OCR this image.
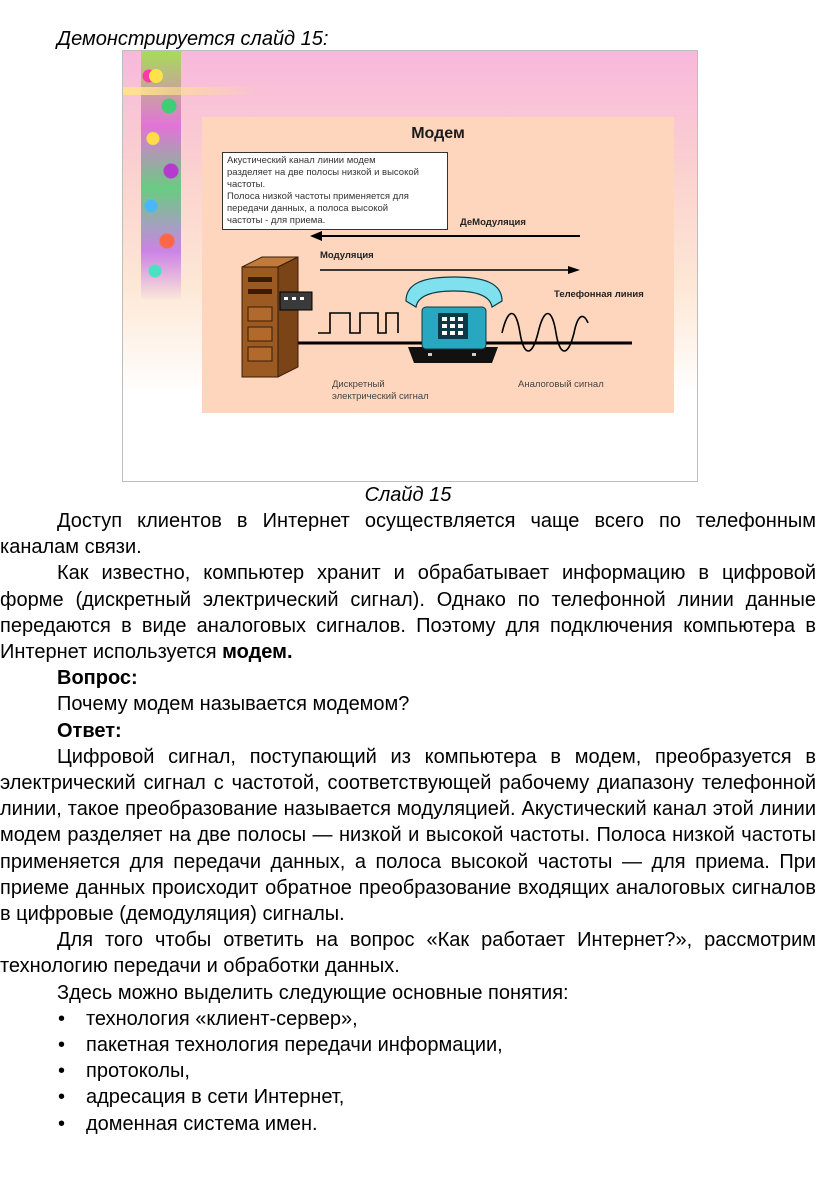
Демонстрируется слайд 15:
Модем
Акустический канал линии модем
разделяет на две полосы низкой и высокой
частоты.
Полоса низкой частоты применяется для
передачи данных, а полоса высокой
частоты - для приема.	ДеМодуляция
Модуляция
Телефонная линия
Дискретный
электрический сигнал
Аналоговый сигнал
Слайд 15

Доступ клиентов в Интернет осуществляется чаще всего по телефонным каналам связи.

Как известно, компьютер хранит и обрабатывает информацию в цифровой форме (дискретный электрический сигнал). Однако по телефонной линии данные передаются в виде аналоговых сигналов. Поэтому для подключения компьютера в Интернет используется модем.

Вопрос:

Почему модем называется модемом?

Ответ:

Цифровой сигнал, поступающий из компьютера в модем, преобразуется в электрический сигнал с частотой, соответствующей рабочему диапазону телефонной линии, такое преобразование называется модуляцией. Акустический канал этой линии модем разделяет на две полосы — низкой и высокой частоты. Полоса низкой частоты применяется для передачи данных, а полоса высокой частоты — для приема. При приеме данных происходит обратное преобразование входящих аналоговых сигналов в цифровые (демодуляция) сигналы.

Для того чтобы ответить на вопрос «Как работает Интернет?», рассмотрим технологию передачи и обработки данных.

Здесь можно выделить следующие основные понятия:

• технология «клиент-сервер»,
• пакетная технология передачи информации,
• протоколы,
• адресация в сети Интернет,
• доменная система имен.
